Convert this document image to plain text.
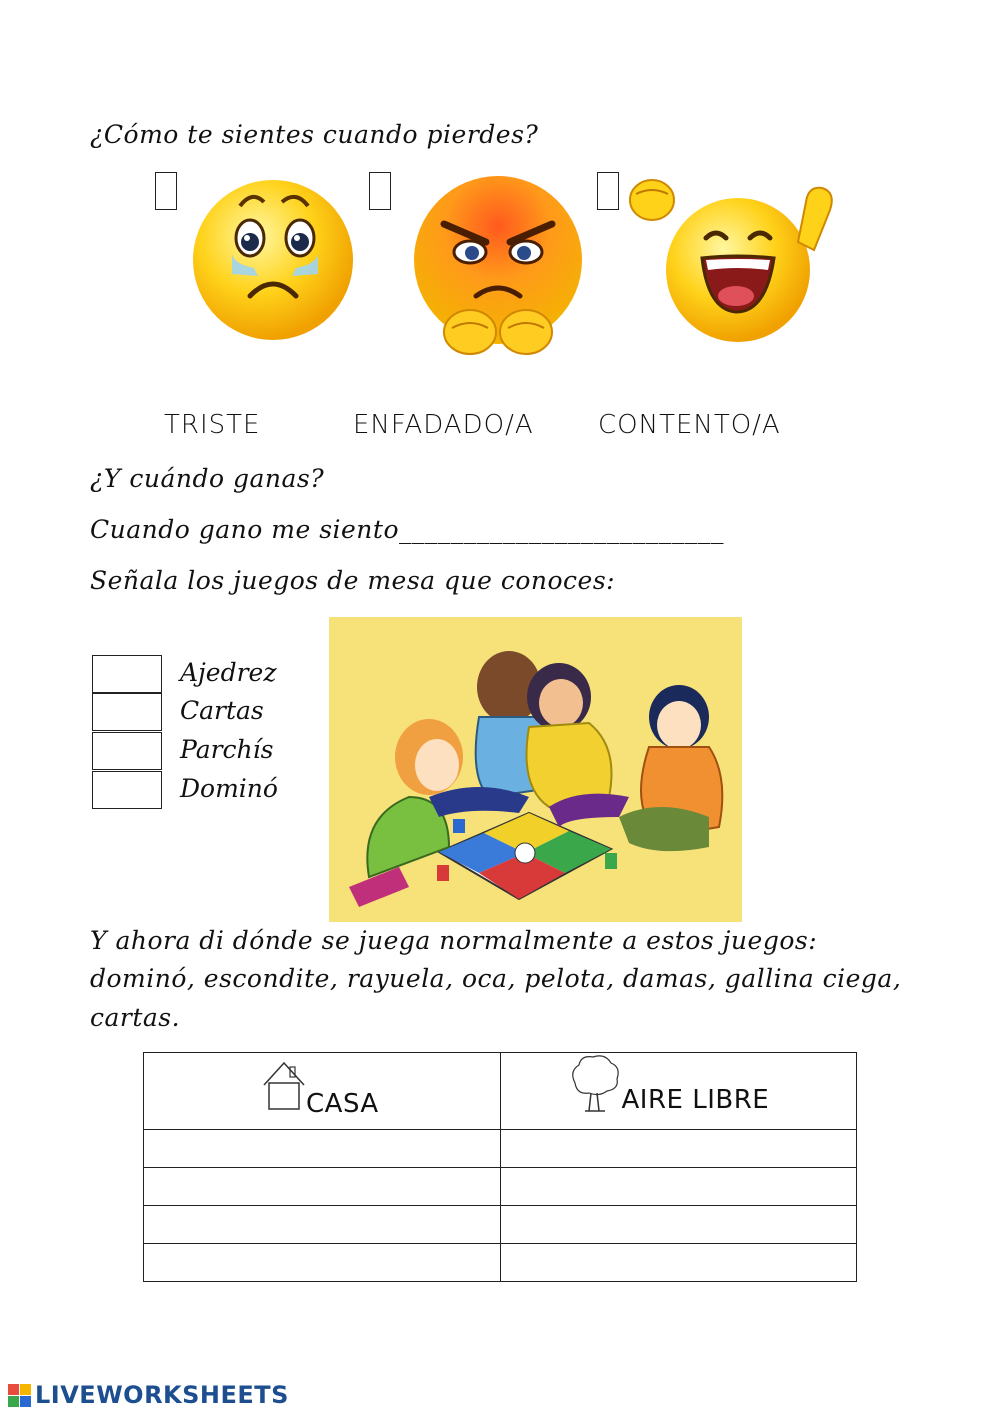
¿Cómo te sientes cuando pierdes?
TRISTE	ENFADADO/A CONTENTO/A
¿Y cuándo ganas?
Cuando gano me siento_________________________
Señala los juegos de mesa que conoces:
Ajedrez
Cartas
Parchís
Dominó
Y ahora di dónde se juega normalmente a estos juegos:
dominó, escondite, rayuela, oca, pelota, damas, gallina ciega,
cartas.
CASA	AIRE LIBRE

LIVEWORKSHEETS
